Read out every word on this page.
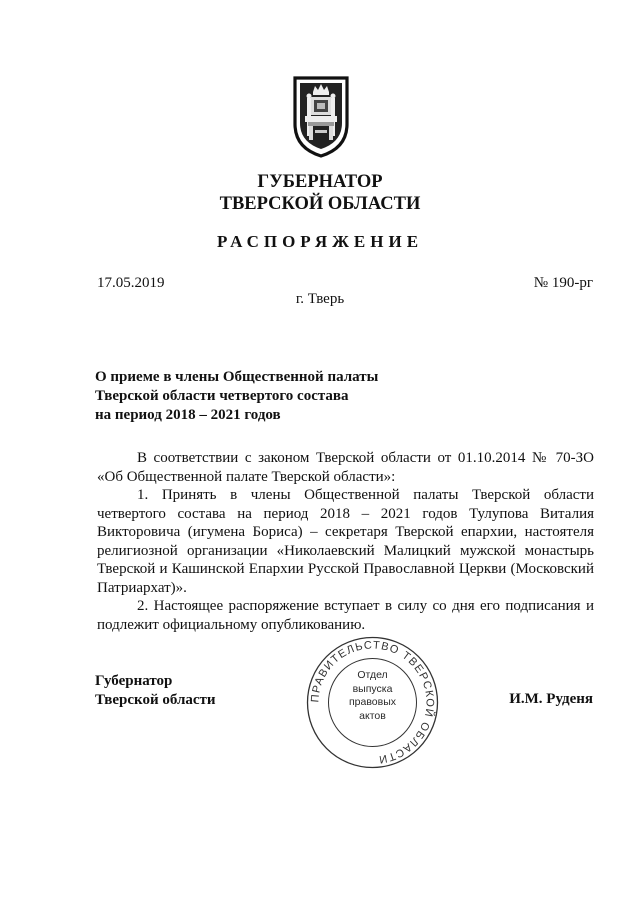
ГУБЕРНАТОР
ТВЕРСКОЙ ОБЛАСТИ
РАСПОРЯЖЕНИЕ
17.05.2019	№ 190-рг
г. Тверь
О приеме в члены Общественной палаты
Тверской области четвертого состава
на период 2018 – 2021 годов

В соответствии с законом Тверской области от 01.10.2014 № 70-ЗО «Об Общественной палате Тверской области»:

1. Принять в члены Общественной палаты Тверской области четвертого состава на период 2018 – 2021 годов Тулупова Виталия Викторовича (игумена Бориса) – секретаря Тверской епархии, настоятеля религиозной организации «Николаевский Малицкий мужской монастырь Тверской и Кашинской Епархии Русской Православной Церкви (Московский Патриархат)».

2. Настоящее распоряжение вступает в силу со дня его подписания и подлежит официальному опубликованию.

Губернатор
Тверской области	И.М. Руденя
ПРАВИТЕЛЬСТВО ТВЕРСКОЙ ОБЛАСТИ
Отдел
выпуска
правовых
актов
